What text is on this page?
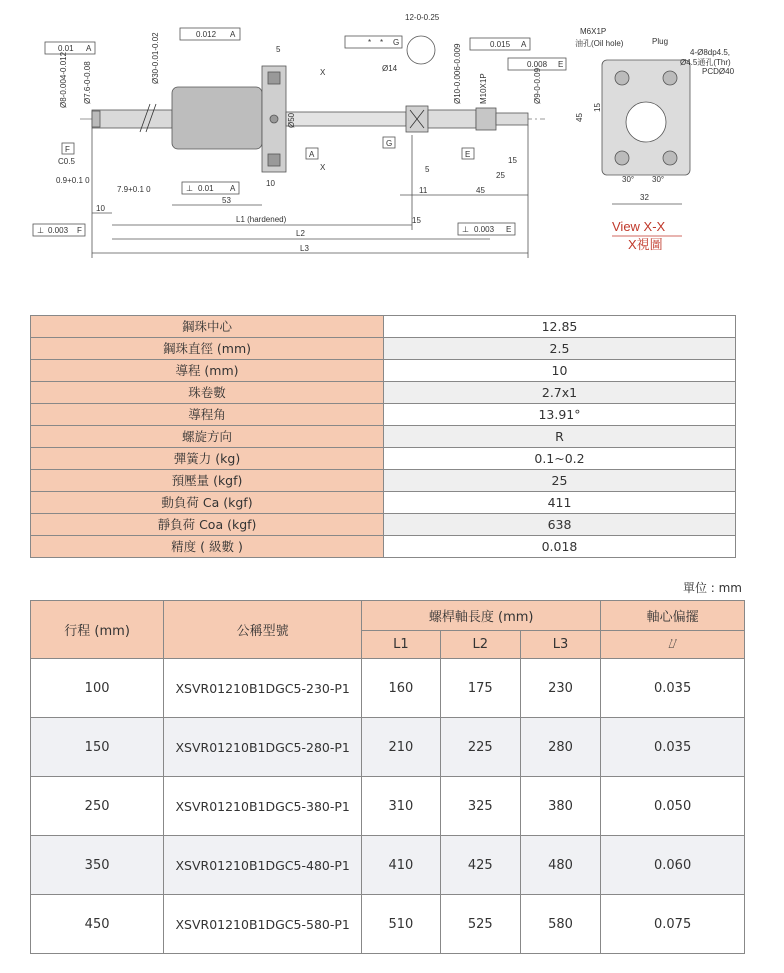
0.01 A
0.012 A
* * G	0.015 A
0.008 E
0.01 A
0.003 F	0.003 E
⊥	⊥
⊥
F
A
G
E
C0.5
0.9+0.1 0
7.9+0.1 0
10
53
10
5
5
11
15
15
25
45
L1 (hardened)
L2
L3
Ø14
12-0-0.25
X
X
Ø8-0.004-0.012 Ø7.6-0-0.08	Ø30-0.01-0.02
Ø50
Ø10-0.006-0.009 M10X1P	Ø9-0-0.09
M6X1P
油孔(Oil hole)	Plug
4-Ø8dp4.5,
Ø4.5通孔(Thr)
PCDØ40
15
45
30° 30°
32
View X-X
X視圖
鋼珠中心	12.85
鋼珠直徑 (mm)	2.5
導程 (mm)	10
珠卷數	2.7x1
導程角	13.91°
螺旋方向	R
彈簧力 (kg)	0.1~0.2
預壓量 (kgf)	25
動負荷 Ca (kgf)	411
靜負荷 Coa (kgf)	638
精度 ( 級數 )	0.018
單位 : mm
行程 (mm)	公稱型號	螺桿軸長度 (mm)			軸心偏擺
		L1	L2	L3	⌰
100	XSVR01210B1DGC5-230-P1	160	175	230	0.035
150	XSVR01210B1DGC5-280-P1	210	225	280	0.035
250	XSVR01210B1DGC5-380-P1	310	325	380	0.050
350	XSVR01210B1DGC5-480-P1	410	425	480	0.060
450	XSVR01210B1DGC5-580-P1	510	525	580	0.075
